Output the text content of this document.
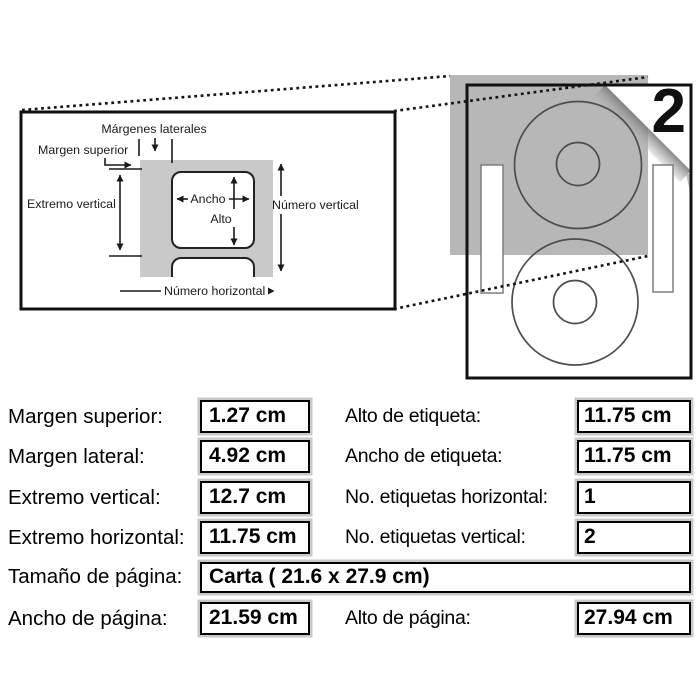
2
Márgenes laterales
Margen superior
Extremo vertical	Ancho
Alto
Número vertical
Número horizontal
Margen superior:	1.27 cm	Alto de etiqueta:	11.75 cm
Margen lateral:	4.92 cm	Ancho de etiqueta:	11.75 cm
Extremo vertical:	12.7 cm	No. etiquetas horizontal:	1
Extremo horizontal:	11.75 cm	No. etiquetas vertical:	2
Tamaño de página:	Carta ( 21.6 x 27.9 cm)
Ancho de página:	21.59 cm	Alto de página:	27.94 cm
